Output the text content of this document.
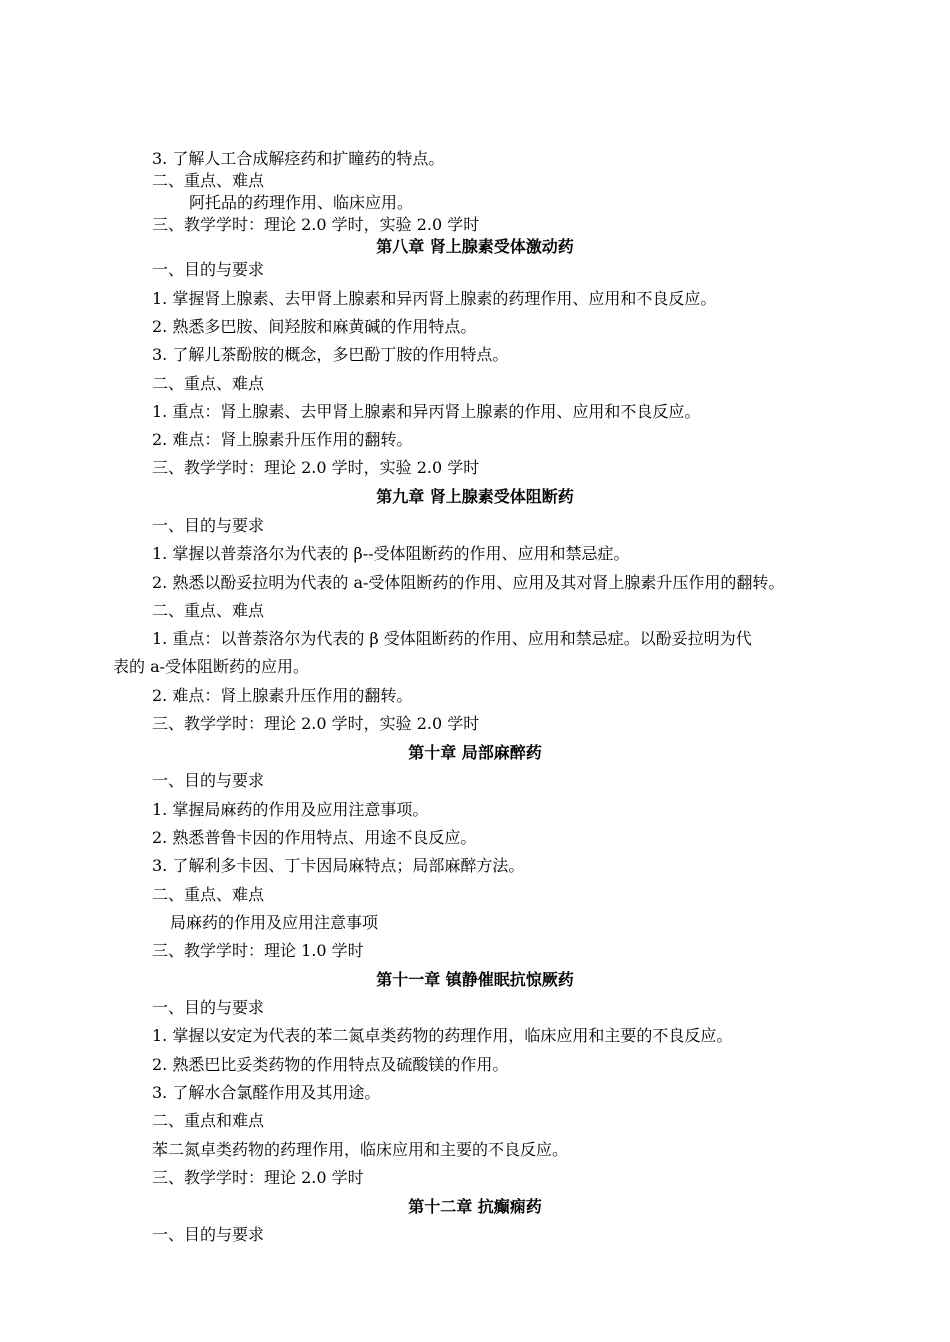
3. 了解人工合成解痉药和扩瞳药的特点。
二、重点、难点
阿托品的药理作用、临床应用。
三、教学学时：理论 2.0 学时，实验 2.0 学时
第八章 肾上腺素受体激动药
一、目的与要求
1. 掌握肾上腺素、去甲肾上腺素和异丙肾上腺素的药理作用、应用和不良反应。
2. 熟悉多巴胺、间羟胺和麻黄碱的作用特点。
3. 了解儿茶酚胺的概念，多巴酚丁胺的作用特点。
二、重点、难点
1. 重点：肾上腺素、去甲肾上腺素和异丙肾上腺素的作用、应用和不良反应。
2. 难点：肾上腺素升压作用的翻转。
三、教学学时：理论 2.0 学时，实验 2.0 学时
第九章 肾上腺素受体阻断药
一、目的与要求
1. 掌握以普萘洛尔为代表的 β--受体阻断药的作用、应用和禁忌症。
2. 熟悉以酚妥拉明为代表的 a-受体阻断药的作用、应用及其对肾上腺素升压作用的翻转。
二、重点、难点
1. 重点：以普萘洛尔为代表的 β 受体阻断药的作用、应用和禁忌症。以酚妥拉明为代
表的 a-受体阻断药的应用。
2. 难点：肾上腺素升压作用的翻转。
三、教学学时：理论 2.0 学时，实验 2.0 学时
第十章 局部麻醉药
一、目的与要求
1. 掌握局麻药的作用及应用注意事项。
2. 熟悉普鲁卡因的作用特点、用途不良反应。
3. 了解利多卡因、丁卡因局麻特点；局部麻醉方法。
二、重点、难点
局麻药的作用及应用注意事项
三、教学学时：理论 1.0 学时
第十一章 镇静催眠抗惊厥药
一、目的与要求
1. 掌握以安定为代表的苯二氮卓类药物的药理作用，临床应用和主要的不良反应。
2. 熟悉巴比妥类药物的作用特点及硫酸镁的作用。
3. 了解水合氯醛作用及其用途。
二、重点和难点
苯二氮卓类药物的药理作用，临床应用和主要的不良反应。
三、教学学时：理论 2.0 学时
第十二章 抗癫痫药
一、目的与要求
